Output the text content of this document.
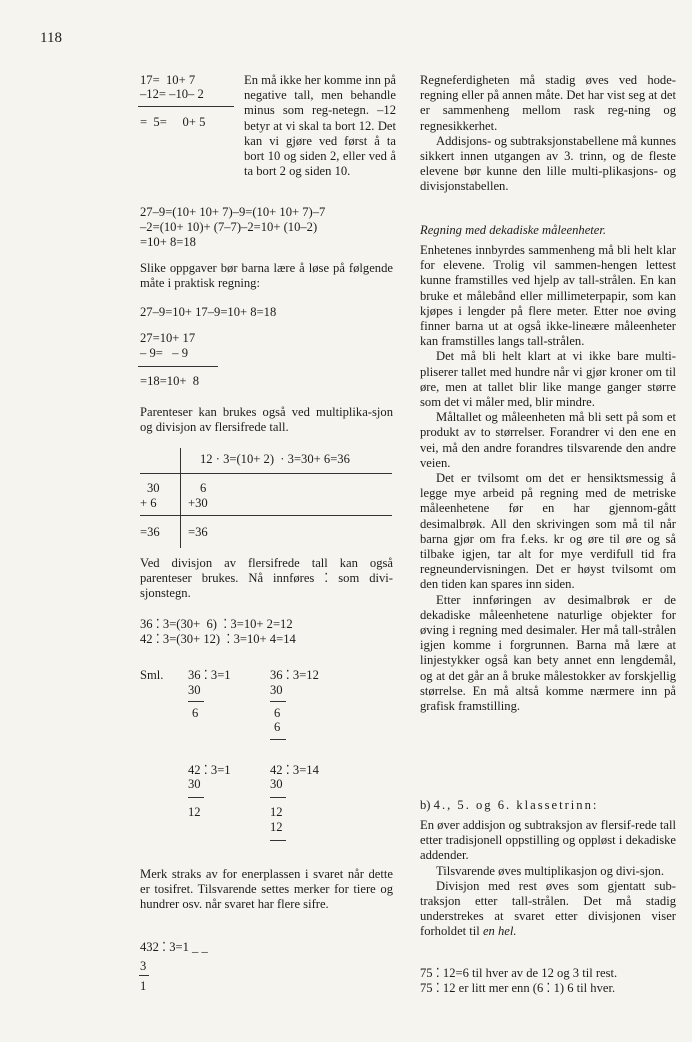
118
17=  10+ 7
–12= –10– 2
=  5=     0+ 5

En må ikke her komme inn på negative tall, men behandle minus som reg-netegn. –12 betyr at vi skal ta bort 12. Det kan vi gjøre ved først å ta bort 10 og siden 2, eller ved å ta bort 2 og siden 10.

27–9=(10+ 10+ 7)–9=(10+ 10+ 7)–7
–2=(10+ 10)+ (7–7)–2=10+ (10–2)
=10+ 8=18

Slike oppgaver bør barna lære å løse på følgende måte i praktisk regning:

27–9=10+ 17–9=10+ 8=18
27=10+ 17
– 9=   – 9
=18=10+  8

Parenteser kan brukes også ved multiplika-sjon og divisjon av flersifrede tall.

12 · 3=(10+ 2)  · 3=30+ 6=36
30	6
+ 6 +30
=36 =36

Ved divisjon av flersifrede tall kan også parenteser brukes. Nå innføres ⁚ som divi-sjonstegn.

36 ⁚ 3=(30+  6)  ⁚ 3=10+ 2=12
42 ⁚ 3=(30+ 12)  ⁚ 3=10+ 4=14
Sml. 36 ⁚ 3=1
30
6
36 ⁚ 3=12
30
6
6
42 ⁚ 3=1
30
12
42 ⁚ 3=14
30
12
12

Merk straks av for enerplassen i svaret når dette er tosifret. Tilsvarende settes merker for tiere og hundrer osv. når svaret har flere sifre.

432 ⁚ 3=1 _ _
3
1

Regneferdigheten må stadig øves ved hode-regning eller på annen måte. Det har vist seg at det er sammenheng mellom rask reg-ning og regnesikkerhet.

Addisjons- og subtraksjonstabellene må kunnes sikkert innen utgangen av 3. trinn, og de fleste elevene bør kunne den lille multi-plikasjons- og divisjonstabellen.

Regning med dekadiske måleenheter.

Enhetenes innbyrdes sammenheng må bli helt klar for elevene. Trolig vil sammen-hengen lettest kunne framstilles ved hjelp av tall-strålen. En kan bruke et målebånd eller millimeterpapir, som kan kjøpes i lengder på flere meter. Etter noe øving finner barna ut at også ikke-lineære måleenheter kan framstilles langs tall-strålen.

Det må bli helt klart at vi ikke bare multi-pliserer tallet med hundre når vi gjør kroner om til øre, men at tallet blir like mange ganger større som det vi måler med, blir mindre.

Måltallet og måleenheten må bli sett på som et produkt av to størrelser. Forandrer vi den ene en vei, må den andre forandres tilsvarende den andre veien.

Det er tvilsomt om det er hensiktsmessig å legge mye arbeid på regning med de metriske måleenhetene før en har gjennom-gått desimalbrøk. All den skrivingen som må til når barna gjør om fra f.eks. kr og øre til øre og så tilbake igjen, tar alt for mye verdifull tid fra regneundervisningen. Det er høyst tvilsomt om den tiden kan spares inn siden.

Etter innføringen av desimalbrøk er de dekadiske måleenhetene naturlige objekter for øving i regning med desimaler. Her må tall-strålen igjen komme i forgrunnen. Barna må lære at linjestykker også kan bety annet enn lengdemål, og at det går an å bruke målestokker av forskjellig størrelse. En må altså komme nærmere inn på grafisk framstilling.

b) 4., 5. og 6. klassetrinn:

En øver addisjon og subtraksjon av flersif-rede tall etter tradisjonell oppstilling og oppløst i dekadiske addender.

Tilsvarende øves multiplikasjon og divi-sjon.

Divisjon med rest øves som gjentatt sub-traksjon etter tall-strålen. Det må stadig understrekes at svaret etter divisjonen viser forholdet til en hel.

75 ⁚ 12=6 til hver av de 12 og 3 til rest.
75 ⁚ 12 er litt mer enn (6 ⁚ 1) 6 til hver.
